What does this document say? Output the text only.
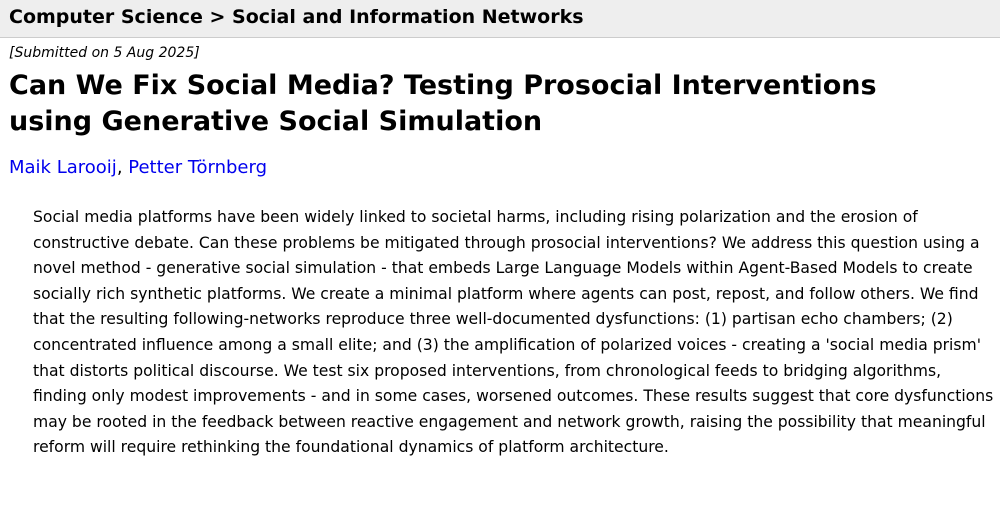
Computer Science > Social and Information Networks
[Submitted on 5 Aug 2025]
Can We Fix Social Media? Testing Prosocial Interventions using Generative Social Simulation
Maik Larooij, Petter Törnberg

Social media platforms have been widely linked to societal harms, including rising polarization and the erosion of constructive debate. Can these problems be mitigated through prosocial interventions? We address this question using a novel method - generative social simulation - that embeds Large Language Models within Agent-Based Models to create socially rich synthetic platforms. We create a minimal platform where agents can post, repost, and follow others. We find that the resulting following-networks reproduce three well-documented dysfunctions: (1) partisan echo chambers; (2) concentrated influence among a small elite; and (3) the amplification of polarized voices - creating a 'social media prism' that distorts political discourse. We test six proposed interventions, from chronological feeds to bridging algorithms, finding only modest improvements - and in some cases, worsened outcomes. These results suggest that core dysfunctions may be rooted in the feedback between reactive engagement and network growth, raising the possibility that meaningful reform will require rethinking the foundational dynamics of platform architecture.
